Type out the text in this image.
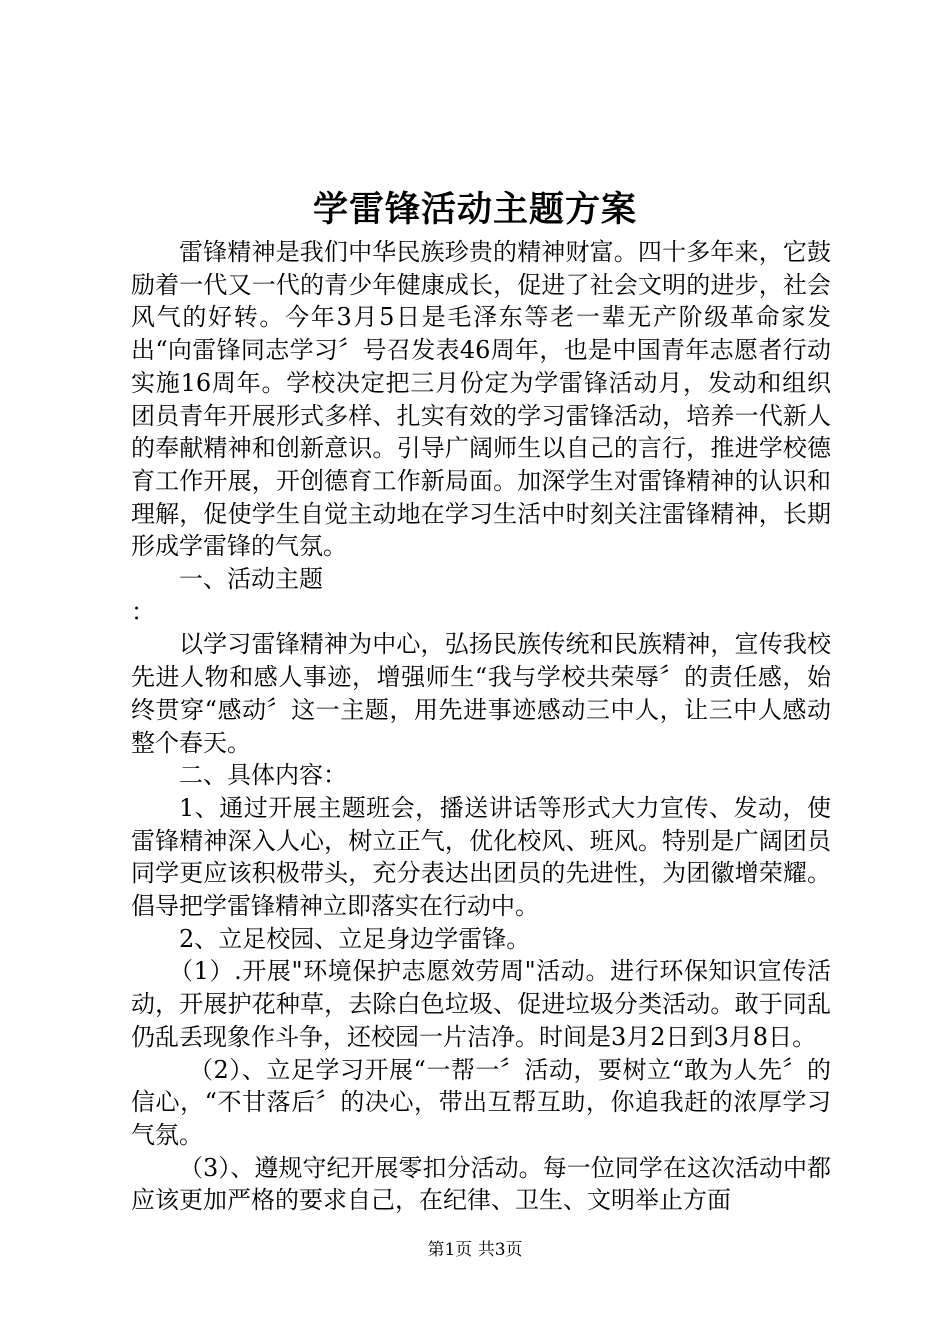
学雷锋活动主题方案

雷锋精神是我们中华民族珍贵的精神财富。四十多年来，它鼓励着一代又一代的青少年健康成长，促进了社会文明的进步，社会风气的好转。今年3月5日是毛泽东等老一辈无产阶级革命家发出“向雷锋同志学习〞号召发表46周年，也是中国青年志愿者行动实施16周年。学校决定把三月份定为学雷锋活动月，发动和组织团员青年开展形式多样、扎实有效的学习雷锋活动，培养一代新人的奉献精神和创新意识。引导广阔师生以自己的言行，推进学校德育工作开展，开创德育工作新局面。加深学生对雷锋精神的认识和理解，促使学生自觉主动地在学习生活中时刻关注雷锋精神，长期形成学雷锋的气氛。

一、活动主题

：

以学习雷锋精神为中心，弘扬民族传统和民族精神，宣传我校先进人物和感人事迹，增强师生“我与学校共荣辱〞的责任感，始终贯穿“感动〞这一主题，用先进事迹感动三中人，让三中人感动整个春天。

二、具体内容：

1、通过开展主题班会，播送讲话等形式大力宣传、发动，使雷锋精神深入人心，树立正气，优化校风、班风。特别是广阔团员同学更应该积极带头，充分表达出团员的先进性，为团徽增荣耀。倡导把学雷锋精神立即落实在行动中。

2、立足校园、立足身边学雷锋。

（1）.开展"环境保护志愿效劳周"活动。进行环保知识宣传活动，开展护花种草，去除白色垃圾、促进垃圾分类活动。敢于同乱仍乱丢现象作斗争，还校园一片洁净。时间是3月2日到3月8日。

（2）、立足学习开展“一帮一〞活动，要树立“敢为人先〞的信心，“不甘落后〞的决心，带出互帮互助，你追我赶的浓厚学习气氛。

（3）、遵规守纪开展零扣分活动。每一位同学在这次活动中都应该更加严格的要求自己，在纪律、卫生、文明举止方面

第1页 共3页
